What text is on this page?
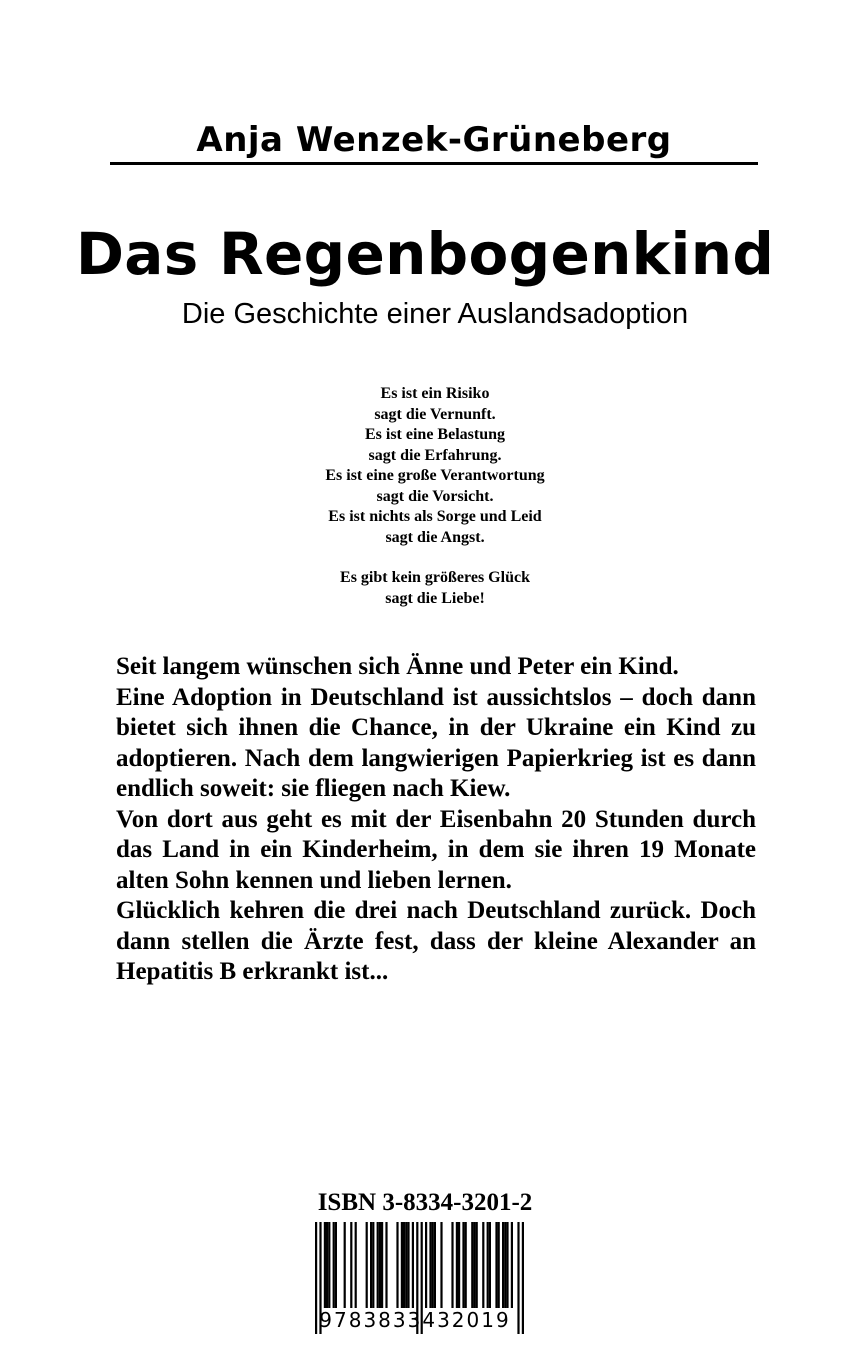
Anja Wenzek-Grüneberg
Das Regenbogenkind
Die Geschichte einer Auslandsadoption
Es ist ein Risiko
sagt die Vernunft.
Es ist eine Belastung
sagt die Erfahrung.
Es ist eine große Verantwortung
sagt die Vorsicht.
Es ist nichts als Sorge und Leid
sagt die Angst.
Es gibt kein größeres Glück
sagt die Liebe!

Seit langem wünschen sich Änne und Peter ein Kind.

Eine Adoption in Deutschland ist aussichtslos – doch dann bietet sich ihnen die Chance, in der Ukraine ein Kind zu adoptieren. Nach dem langwierigen Papierkrieg ist es dann endlich soweit: sie fliegen nach Kiew.

Von dort aus geht es mit der Eisenbahn 20 Stunden durch das Land in ein Kinderheim, in dem sie ihren 19 Monate alten Sohn kennen und lieben lernen.

Glücklich kehren die drei nach Deutschland zurück. Doch dann stellen die Ärzte fest, dass der kleine Alexander an Hepatitis B erkrankt ist...

ISBN 3-8334-3201-2
9783833432019
